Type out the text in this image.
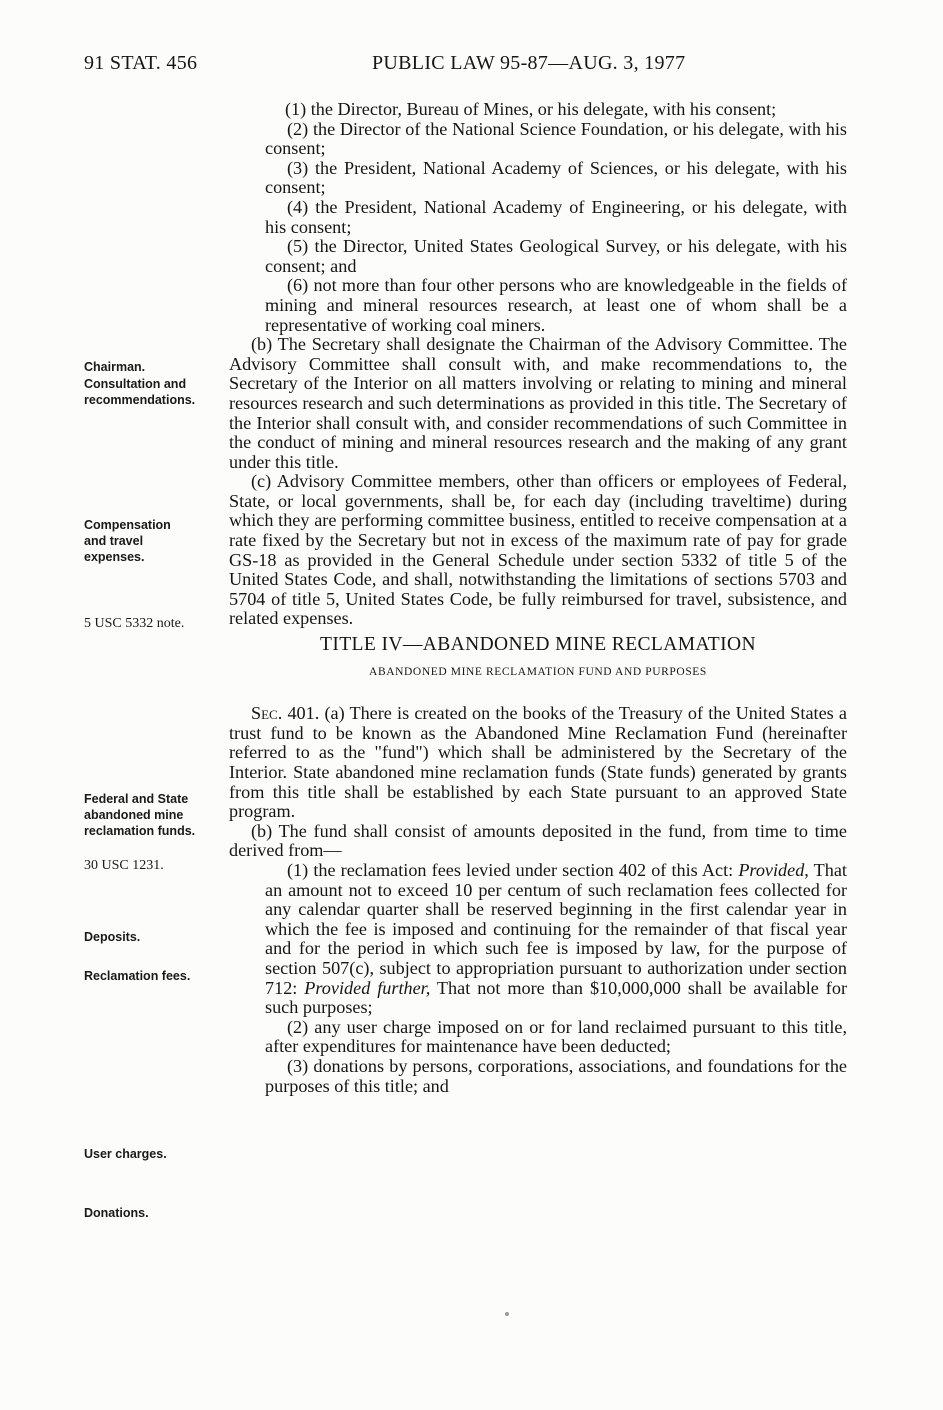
91 STAT. 456	PUBLIC LAW 95-87—AUG. 3, 1977
Chairman.
Consultation and recommendations.
Compensation and travel expenses.
5 USC 5332 note.
Federal and State abandoned mine reclamation funds.
30 USC 1231.
Deposits.
Reclamation fees.
User charges.
Donations.

(1) the Director, Bureau of Mines, or his delegate, with his consent;

(2) the Director of the National Science Foundation, or his delegate, with his consent;

(3) the President, National Academy of Sciences, or his delegate, with his consent;

(4) the President, National Academy of Engineering, or his delegate, with his consent;

(5) the Director, United States Geological Survey, or his delegate, with his consent; and

(6) not more than four other persons who are knowledgeable in the fields of mining and mineral resources research, at least one of whom shall be a representative of working coal miners.

(b) The Secretary shall designate the Chairman of the Advisory Committee. The Advisory Committee shall consult with, and make recommendations to, the Secretary of the Interior on all matters involving or relating to mining and mineral resources research and such determinations as provided in this title. The Secretary of the Interior shall consult with, and consider recommendations of such Committee in the conduct of mining and mineral resources research and the making of any grant under this title.

(c) Advisory Committee members, other than officers or employees of Federal, State, or local governments, shall be, for each day (including traveltime) during which they are performing committee business, entitled to receive compensation at a rate fixed by the Secretary but not in excess of the maximum rate of pay for grade GS-18 as provided in the General Schedule under section 5332 of title 5 of the United States Code, and shall, notwithstanding the limitations of sections 5703 and 5704 of title 5, United States Code, be fully reimbursed for travel, subsistence, and related expenses.

TITLE IV—ABANDONED MINE RECLAMATION
ABANDONED MINE RECLAMATION FUND AND PURPOSES

Sec. 401. (a) There is created on the books of the Treasury of the United States a trust fund to be known as the Abandoned Mine Reclamation Fund (hereinafter referred to as the "fund") which shall be administered by the Secretary of the Interior. State abandoned mine reclamation funds (State funds) generated by grants from this title shall be established by each State pursuant to an approved State program.

(b) The fund shall consist of amounts deposited in the fund, from time to time derived from—

(1) the reclamation fees levied under section 402 of this Act: Provided, That an amount not to exceed 10 per centum of such reclamation fees collected for any calendar quarter shall be reserved beginning in the first calendar year in which the fee is imposed and continuing for the remainder of that fiscal year and for the period in which such fee is imposed by law, for the purpose of section 507(c), subject to appropriation pursuant to authorization under section 712: Provided further, That not more than $10,000,000 shall be available for such purposes;

(2) any user charge imposed on or for land reclaimed pursuant to this title, after expenditures for maintenance have been deducted;

(3) donations by persons, corporations, associations, and foundations for the purposes of this title; and
